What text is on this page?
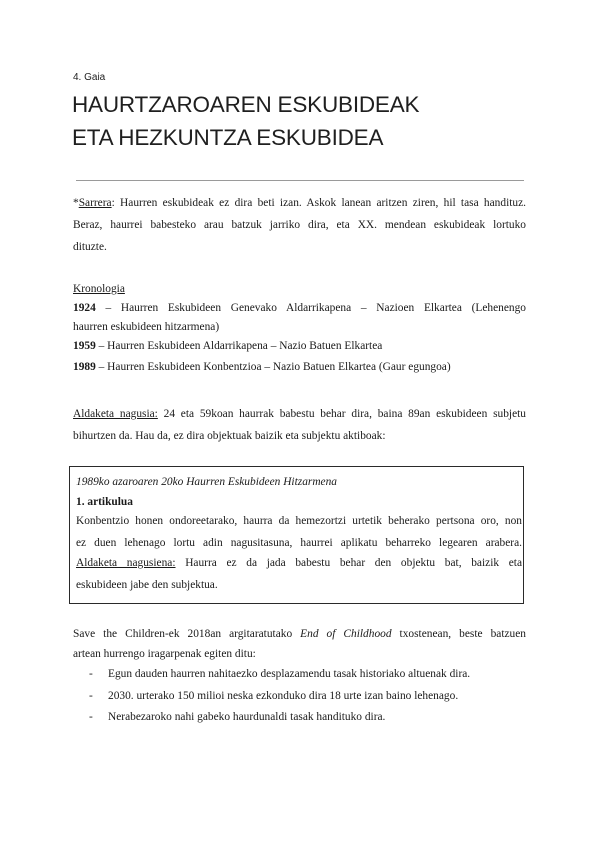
4. Gaia
HAURTZAROAREN ESKUBIDEAK
ETA HEZKUNTZA ESKUBIDEA
*Sarrera: Haurren eskubideak ez dira beti izan. Askok lanean aritzen ziren, hil tasa handituz.
Beraz, haurrei babesteko arau batzuk jarriko dira, eta XX. mendean eskubideak lortuko
dituzte.
Kronologia
1924 – Haurren Eskubideen Genevako Aldarrikapena – Nazioen Elkartea (Lehenengo
haurren eskubideen hitzarmena)
1959 – Haurren Eskubideen Aldarrikapena – Nazio Batuen Elkartea
1989 – Haurren Eskubideen Konbentzioa – Nazio Batuen Elkartea (Gaur egungoa)
Aldaketa nagusia: 24 eta 59koan haurrak babestu behar dira, baina 89an eskubideen subjetu
bihurtzen da. Hau da, ez dira objektuak baizik eta subjektu aktiboak:
1989ko azaroaren 20ko Haurren Eskubideen Hitzarmena
1. artikulua
Konbentzio honen ondoreetarako, haurra da hemezortzi urtetik beherako pertsona oro, non
ez duen lehenago lortu adin nagusitasuna, haurrei aplikatu beharreko legearen arabera.
Aldaketa nagusiena: Haurra ez da jada babestu behar den objektu bat, baizik eta
eskubideen jabe den subjektua.
Save the Children-ek 2018an argitaratutako End of Childhood txostenean, beste batzuen
artean hurrengo iragarpenak egiten ditu:
- Egun dauden haurren nahitaezko desplazamendu tasak historiako altuenak dira.
- 2030. urterako 150 milioi neska ezkonduko dira 18 urte izan baino lehenago.
- Nerabezaroko nahi gabeko haurdunaldi tasak handituko dira.
